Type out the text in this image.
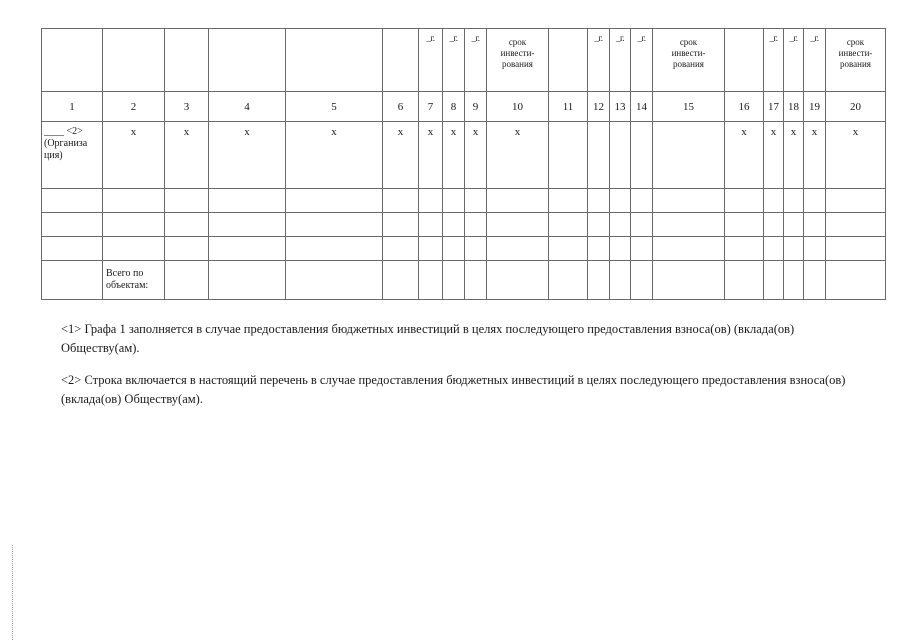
						_г.	_г.	_г.	срок
инвести-
рования		_г.	_г.	_г.	срок
инвести-
рования		_г.	_г.	_г.	срок
инвести-
рования
1	2	3	4	5	6	7	8	9	10	11	12	13	14	15	16	17	18	19	20
____ <2>
(Организа
ция)	x	x	x	x	x	x	x	x	x						x	x	x	x	x

	Всего по
объектам:																		

<1> Графа 1 заполняется в случае предоставления бюджетных инвестиций в целях последующего предоставления взноса(ов) (вклада(ов) Обществу(ам).

<2> Строка включается в настоящий перечень в случае предоставления бюджетных инвестиций в целях последующего предоставления взноса(ов) (вклада(ов) Обществу(ам).
